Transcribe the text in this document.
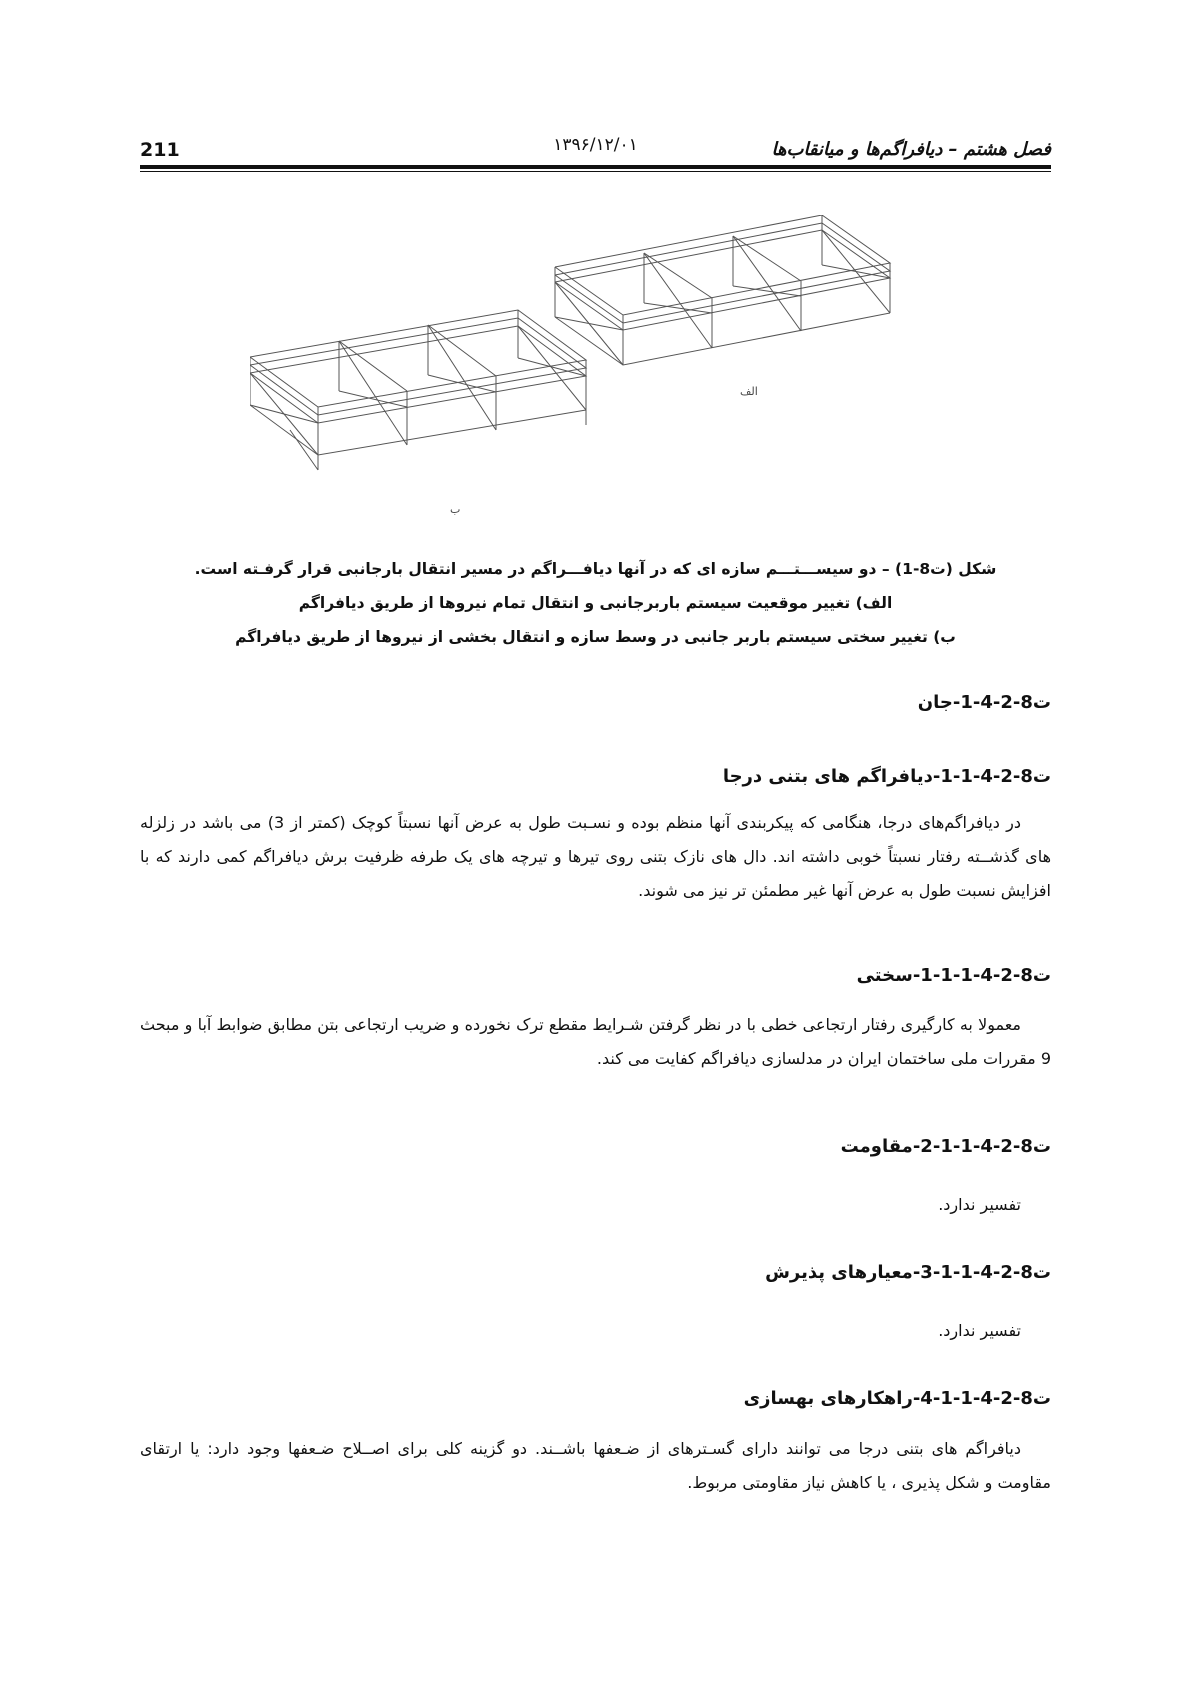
211	۱۳۹۶/۱۲/۰۱	فصل هشتم – دیافراگم‌ها و میانقاب‌ها
الف
ب
شکل (ت8-1) – دو سیســـتـــم سازه ای که در آنها دیافـــراگم در مسیر انتقال بارجانبی قرار گرفـته است.
الف) تغییر موقعیت سیستم باربرجانبی و انتقال تمام نیروها از طریق دیافراگم
ب) تغییر سختی سیستم باربر جانبی در وسط سازه و انتقال بخشی از نیروها از طریق دیافراگم
ت8-2-4-1-جان
ت8-2-4-1-1-دیافراگم های بتنی درجا

در دیافراگم‌های درجا، هنگامی که پیکربندی آنها منظم بوده و نسـبت طول به عرض آنها نسبتاً کوچک (کمتر از 3) می باشد در زلزله های گذشــته رفتار نسبتاً خوبی داشته اند. دال های نازک بتنی روی تیرها و تیرچه های یک طرفه ظرفیت برش دیافراگم کمی دارند که با افزایش نسبت طول به عرض آنها غیر مطمئن تر نیز می شوند.

ت8-2-4-1-1-1-سختی

معمولا به کارگیری رفتار ارتجاعی خطی با در نظر گرفتن شـرایط مقطع ترک نخورده و ضریب ارتجاعی بتن مطابق ضوابط آبا و مبحث 9 مقررات ملی ساختمان ایران در مدلسازی دیافراگم کفایت می کند.

ت8-2-4-1-1-2-مقاومت
تفسیر ندارد.
ت8-2-4-1-1-3-معیارهای پذیرش
تفسیر ندارد.
ت8-2-4-1-1-4-راهکارهای بهسازی

دیافراگم های بتنی درجا می توانند دارای گسـترهای از ضـعفها باشــند. دو گزینه کلی برای اصــلاح ضـعفها وجود دارد: یا ارتقای مقاومت و شکل پذیری ، یا کاهش نیاز مقاومتی مربوط.
